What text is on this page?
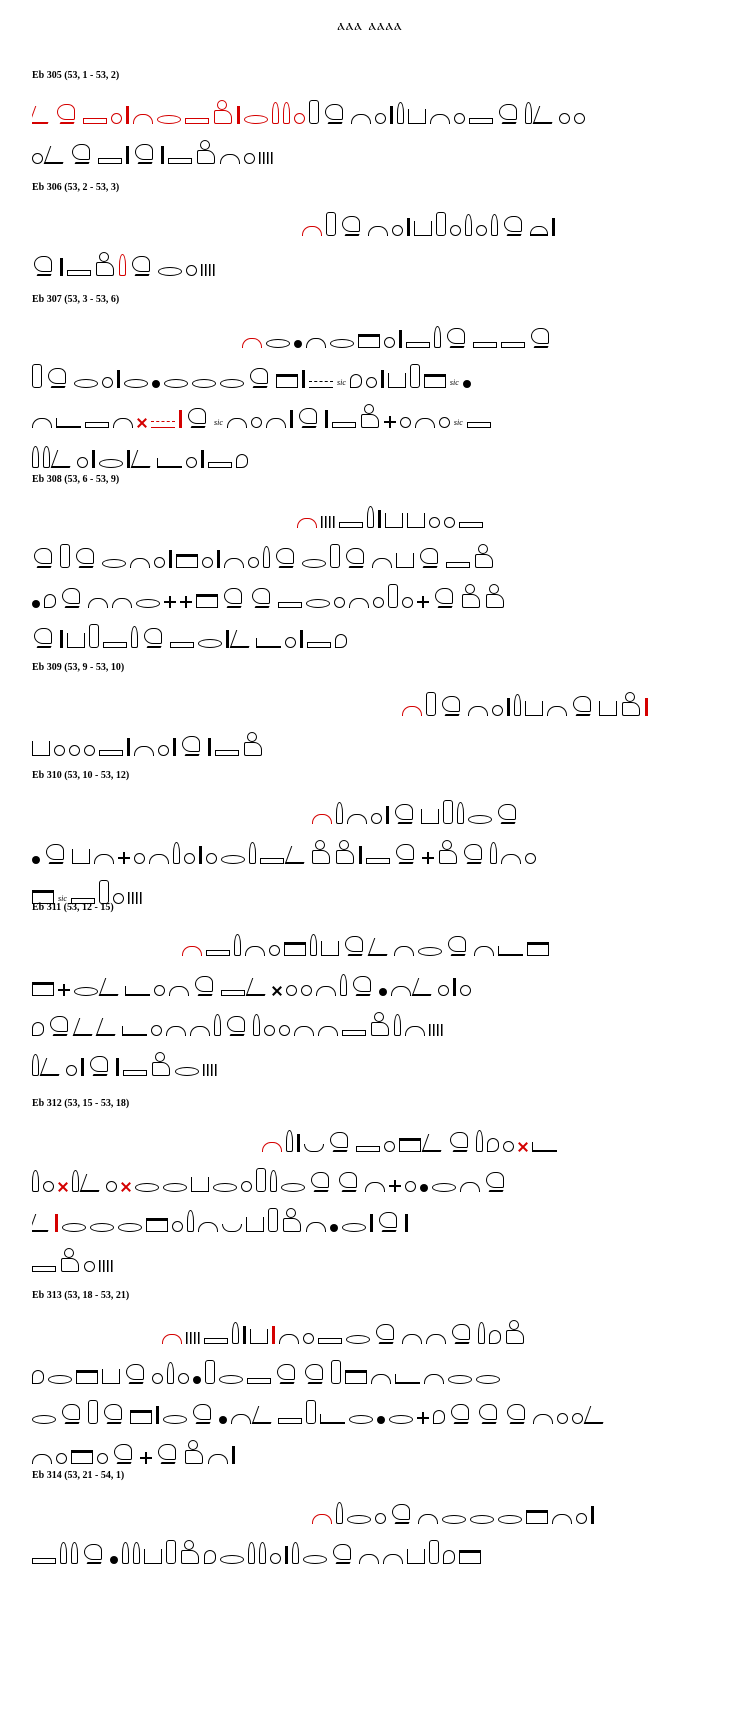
ⲁⲁⲁ ⲁⲁⲁⲁ
Eb 305 (53, 1 - 53, 2)
Eb 306 (53, 2 - 53, 3)
Eb 307 (53, 3 - 53, 6)
sic	sic
sic	sic
Eb 308 (53, 6 - 53, 9)
Eb 309 (53, 9 - 53, 10)
Eb 310 (53, 10 - 53, 12)
sic
Eb 311 (53, 12 - 15)
Eb 312 (53, 15 - 53, 18)
Eb 313 (53, 18 - 53, 21)
Eb 314 (53, 21 - 54, 1)
